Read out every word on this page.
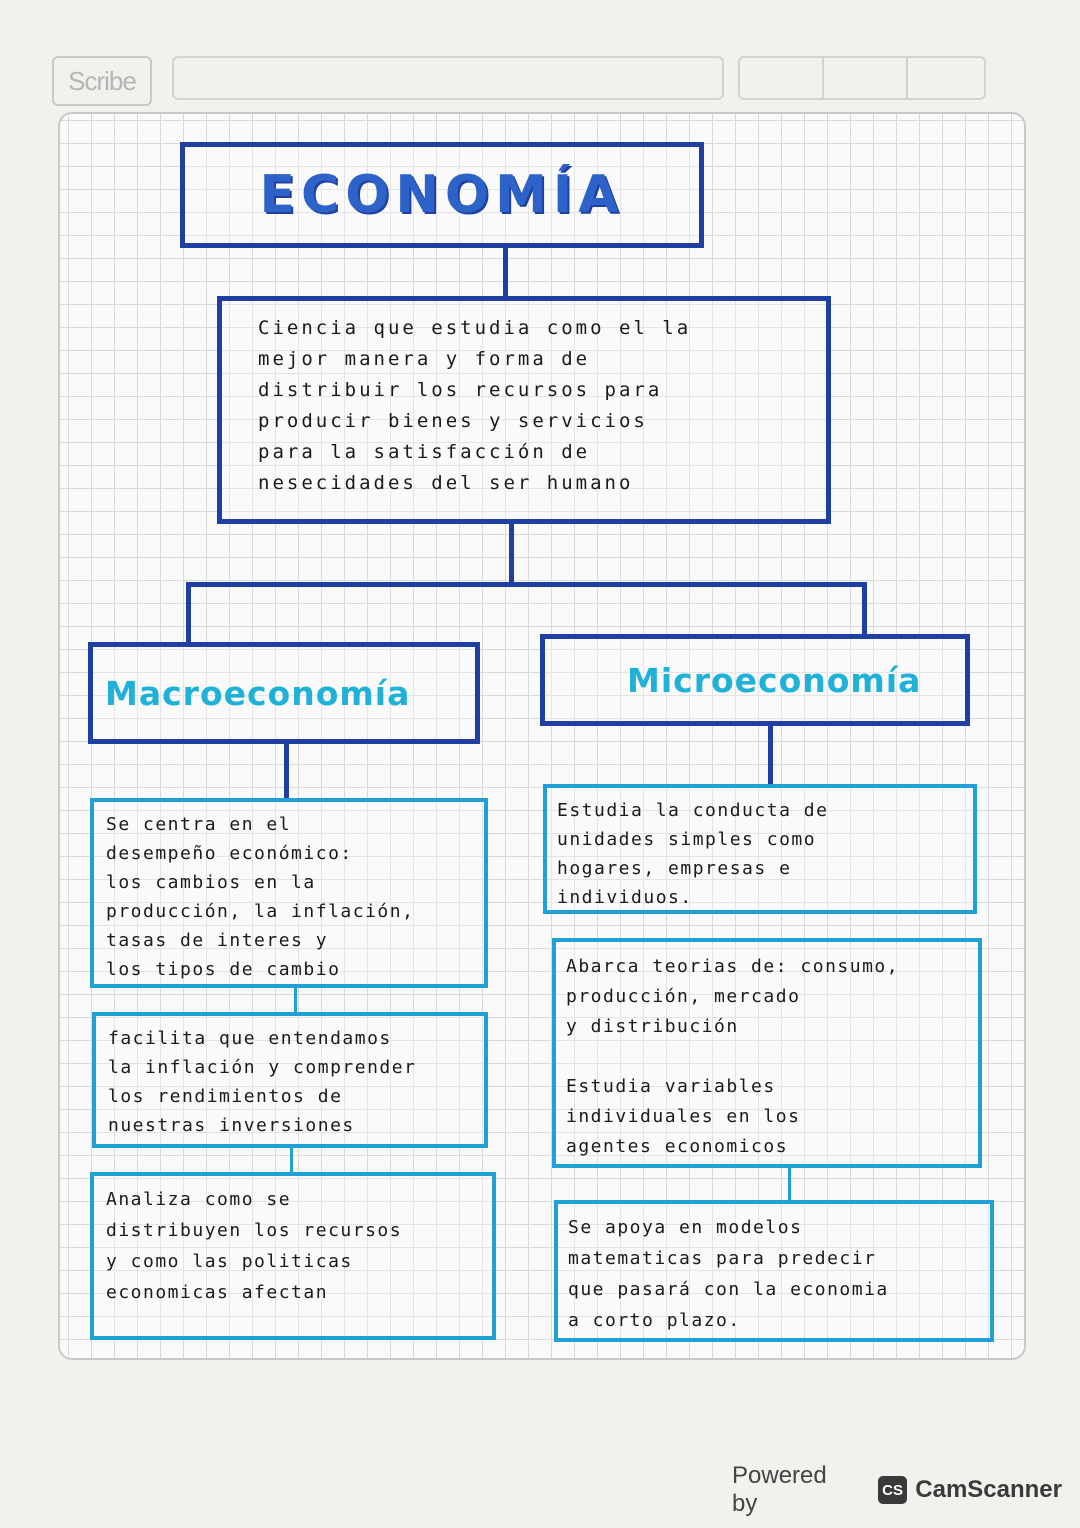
Scribe
ECONOMÍA

Ciencia que estudia como el la
mejor manera y forma de
distribuir los recursos para
producir bienes y servicios
para la satisfacción de
nesecidades del ser humano

Macroeconomía

Se centra en el
desempeño económico:
los cambios en la
producción, la inflación,
tasas de interes y
los tipos de cambio

facilita que entendamos
la inflación y comprender
los rendimientos de
nuestras inversiones

Analiza como se
distribuyen los recursos
y como las politicas
economicas afectan

Microeconomía

Estudia la conducta de
unidades simples como
hogares, empresas e
individuos.

Abarca teorias de: consumo,
producción, mercado
y distribución

Estudia variables
individuales en los
agentes economicos

Se apoya en modelos
matematicas para predecir
que pasará con la economia
a corto plazo.

Powered by	CS CamScanner
